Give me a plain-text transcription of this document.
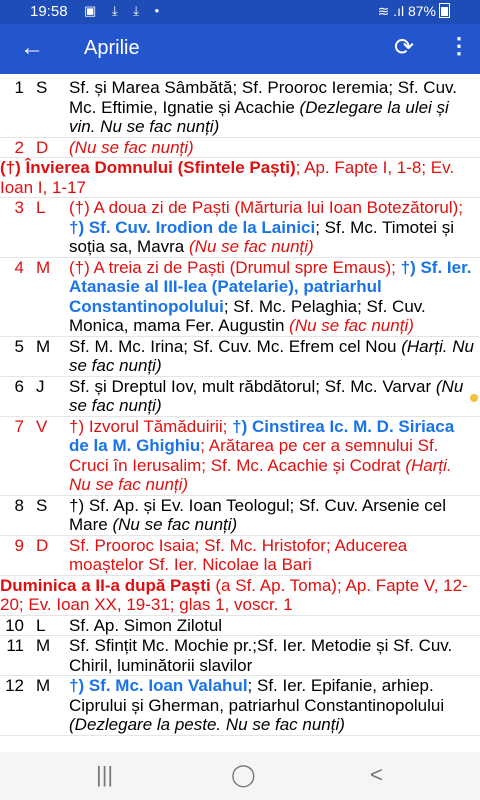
19:58 ▣ ⤓ ⤓ •	≋ .ıl 87%
← Aprilie	⟳ ⋮
1 S Sf. și Marea Sâmbătă; Sf. Prooroc Ieremia; Sf. Cuv. Mc. Eftimie, Ignatie și Acachie (Dezlegare la ulei și vin. Nu se fac nunți)
2 D (Nu se fac nunți)
(†) Învierea Domnului (Sfintele Paști); Ap. Fapte I, 1-8; Ev. Ioan I, 1-17
3 L (†) A doua zi de Paști (Mărturia lui Ioan Botezătorul); †) Sf. Cuv. Irodion de la Lainici; Sf. Mc. Timotei și soția sa, Mavra (Nu se fac nunți)
4 M (†) A treia zi de Paști (Drumul spre Emaus); †) Sf. Ier. Atanasie al III-lea (Patelarie), patriarhul Constantinopolului; Sf. Mc. Pelaghia; Sf. Cuv. Monica, mama Fer. Augustin (Nu se fac nunți)
5 M Sf. M. Mc. Irina; Sf. Cuv. Mc. Efrem cel Nou (Harți. Nu se fac nunți)
6 J Sf. și Dreptul Iov, mult răbdătorul; Sf. Mc. Varvar (Nu se fac nunți)
7 V †) Izvorul Tămăduirii; †) Cinstirea Ic. M. D. Siriaca de la M. Ghighiu; Arătarea pe cer a semnului Sf. Cruci în Ierusalim; Sf. Mc. Acachie și Codrat (Harți. Nu se fac nunți)
8 S †) Sf. Ap. și Ev. Ioan Teologul; Sf. Cuv. Arsenie cel Mare (Nu se fac nunți)
9 D Sf. Prooroc Isaia; Sf. Mc. Hristofor; Aducerea moaștelor Sf. Ier. Nicolae la Bari
Duminica a II-a după Paști (a Sf. Ap. Toma); Ap. Fapte V, 12-20; Ev. Ioan XX, 19-31; glas 1, voscr. 1
10 L Sf. Ap. Simon Zilotul
11 M Sf. Sfințit Mc. Mochie pr.;Sf. Ier. Metodie și Sf. Cuv. Chiril, luminătorii slavilor
12 M †) Sf. Mc. Ioan Valahul; Sf. Ier. Epifanie, arhiep. Ciprului și Gherman, patriarhul Constantinopolului (Dezlegare la peste. Nu se fac nunți)
|||	◯	<
